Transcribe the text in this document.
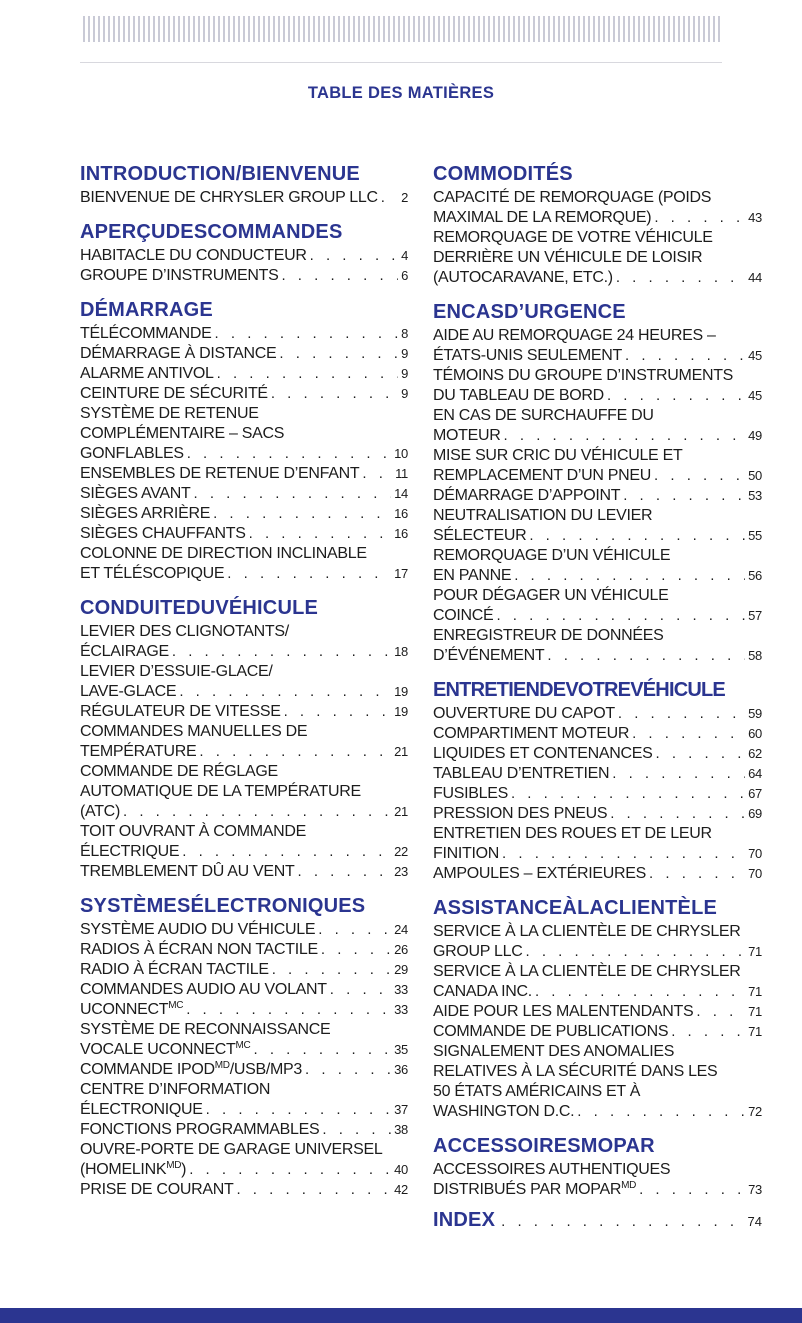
TABLE DES MATIÈRES
INTRODUCTION/BIENVENUE
BIENVENUE DE CHRYSLER GROUP LLC . . . 2
APERÇUDESCOMMANDES
HABITACLE DU CONDUCTEUR . . .	4
GROUPE D’INSTRUMENTS . . .	6
DÉMARRAGE
TÉLÉCOMMANDE . . .	8
DÉMARRAGE À DISTANCE . . .	9
ALARME ANTIVOL . . .	9
CEINTURE DE SÉCURITÉ . . .	9
SYSTÈME DE RETENUE
COMPLÉMENTAIRE – SACS
GONFLABLES . . .	10
ENSEMBLES DE RETENUE D’ENFANT . . .	11
SIÈGES AVANT . . .	14
SIÈGES ARRIÈRE . . .	16
SIÈGES CHAUFFANTS . . .	16
COLONNE DE DIRECTION INCLINABLE
ET TÉLÉSCOPIQUE . . .	17
CONDUITEDUVÉHICULE
LEVIER DES CLIGNOTANTS/
ÉCLAIRAGE . . .	18
LEVIER D’ESSUIE-GLACE/
LAVE-GLACE . . .	19
RÉGULATEUR DE VITESSE . . .	19
COMMANDES MANUELLES DE
TEMPÉRATURE . . .	21
COMMANDE DE RÉGLAGE
AUTOMATIQUE DE LA TEMPÉRATURE
(ATC) . . .	21
TOIT OUVRANT À COMMANDE
ÉLECTRIQUE . . .	22
TREMBLEMENT DÛ AU VENT . . .	23
SYSTÈMESÉLECTRONIQUES
SYSTÈME AUDIO DU VÉHICULE . . .	24
RADIOS À ÉCRAN NON TACTILE . . .	26
RADIO À ÉCRAN TACTILE . . .	29
COMMANDES AUDIO AU VOLANT . . .	33
$UCONNECT^{MC}$ . . .	33
SYSTÈME DE RECONNAISSANCE
VOCALE $UCONNECT^{MC}$ . . .	35
COMMANDE $IPOD^{MD}/USB/MP3$ . . .	36
CENTRE D’INFORMATION
ÉLECTRONIQUE . . .	37
FONCTIONS PROGRAMMABLES . . .	38
OUVRE-PORTE DE GARAGE UNIVERSEL
$(HOMELINK^{MD})$ . . .	40
PRISE DE COURANT . . .	42
COMMODITÉS
CAPACITÉ DE REMORQUAGE (POIDS
MAXIMAL DE LA REMORQUE) . . .	43
REMORQUAGE DE VOTRE VÉHICULE
DERRIÈRE UN VÉHICULE DE LOISIR
(AUTOCARAVANE, ETC.) . . .	44
ENCASD’URGENCE
AIDE AU REMORQUAGE 24 HEURES –
ÉTATS-UNIS SEULEMENT . . .	45
TÉMOINS DU GROUPE D’INSTRUMENTS
DU TABLEAU DE BORD . . .	45
EN CAS DE SURCHAUFFE DU
MOTEUR . . .	49
MISE SUR CRIC DU VÉHICULE ET
REMPLACEMENT D’UN PNEU . . .	50
DÉMARRAGE D’APPOINT . . .	53
NEUTRALISATION DU LEVIER
SÉLECTEUR . . .	55
REMORQUAGE D’UN VÉHICULE
EN PANNE . . .	56
POUR DÉGAGER UN VÉHICULE
COINCÉ . . .	57
ENREGISTREUR DE DONNÉES
D’ÉVÉNEMENT . . .	58
ENTRETIENDEVOTREVÉHICULE
OUVERTURE DU CAPOT . . .	59
COMPARTIMENT MOTEUR . . .	60
LIQUIDES ET CONTENANCES . . .	62
TABLEAU D’ENTRETIEN . . .	64
FUSIBLES . . .	67
PRESSION DES PNEUS . . .	69
ENTRETIEN DES ROUES ET DE LEUR
FINITION . . .	70
AMPOULES – EXTÉRIEURES . . .	70
ASSISTANCEÀLACLIENTÈLE
SERVICE À LA CLIENTÈLE DE CHRYSLER
GROUP LLC . . .	71
SERVICE À LA CLIENTÈLE DE CHRYSLER
CANADA INC. . . .	71
AIDE POUR LES MALENTENDANTS . . .	71
COMMANDE DE PUBLICATIONS . . .	71
SIGNALEMENT DES ANOMALIES
RELATIVES À LA SÉCURITÉ DANS LES
50 ÉTATS AMÉRICAINS ET À
WASHINGTON D.C. . . .	72
ACCESSOIRESMOPAR
ACCESSOIRES AUTHENTIQUES
DISTRIBUÉS PAR $MOPAR^{MD}$ . . .	73
INDEX . . .	74
